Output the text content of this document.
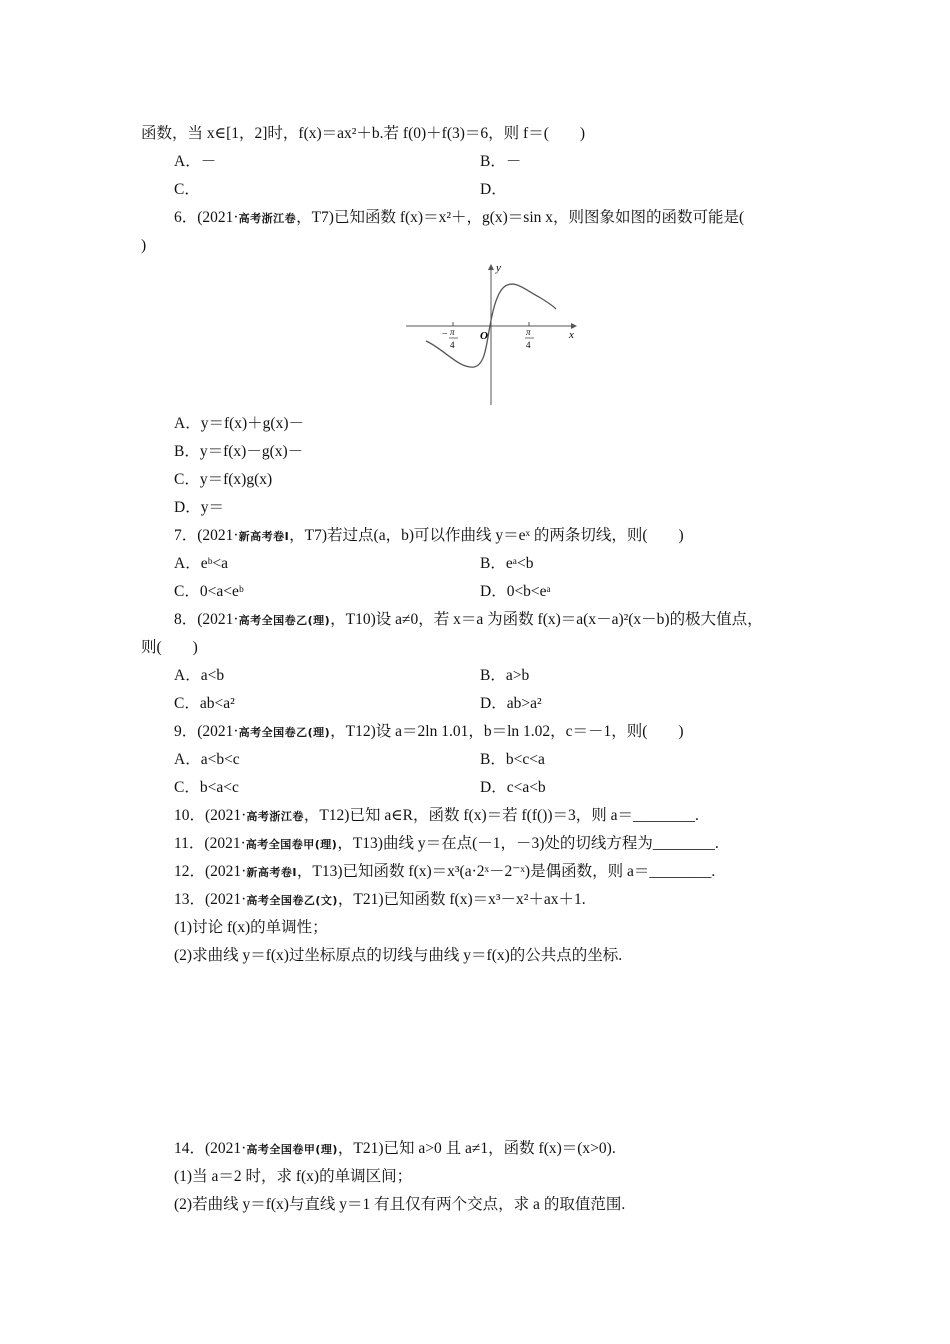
函数，当 x∈[1，2]时，f(x)＝ax²＋b.若 f(0)＋f(3)＝6，则 f＝(　　)
A．－	B．－
C．	D．
6．(2021·高考浙江卷，T7)已知函数 f(x)＝x²＋，g(x)＝sin x，则图象如图的函数可能是(
)
y
x
O
− π
4
π
4
A．y＝f(x)＋g(x)－
B．y＝f(x)－g(x)－
C．y＝f(x)g(x)
D．y＝
7．(2021·新高考卷Ⅰ，T7)若过点(a，b)可以作曲线 y＝eˣ 的两条切线，则(　　)
A．eᵇ<a	B．eᵃ<b
C．0<a<eᵇ	D．0<b<eᵃ
8．(2021·高考全国卷乙(理)，T10)设 a≠0，若 x＝a 为函数 f(x)＝a(x－a)²(x－b)的极大值点，
则(　　)
A．a<b	B．a>b
C．ab<a²	D．ab>a²
9．(2021·高考全国卷乙(理)，T12)设 a＝2ln 1.01，b＝ln 1.02，c＝－1，则(　　)
A．a<b<c	B．b<c<a
C．b<a<c	D．c<a<b
10．(2021·高考浙江卷，T12)已知 a∈R，函数 f(x)＝若 f(f())＝3，则 a＝________.
11．(2021·高考全国卷甲(理)，T13)曲线 y＝在点(－1，－3)处的切线方程为________.
12．(2021·新高考卷Ⅰ，T13)已知函数 f(x)＝x³(a·2ˣ－2⁻ˣ)是偶函数，则 a＝________.
13．(2021·高考全国卷乙(文)，T21)已知函数 f(x)＝x³－x²＋ax＋1.
(1)讨论 f(x)的单调性；
(2)求曲线 y＝f(x)过坐标原点的切线与曲线 y＝f(x)的公共点的坐标.
14．(2021·高考全国卷甲(理)，T21)已知 a>0 且 a≠1，函数 f(x)＝(x>0).
(1)当 a＝2 时，求 f(x)的单调区间；
(2)若曲线 y＝f(x)与直线 y＝1 有且仅有两个交点，求 a 的取值范围.
